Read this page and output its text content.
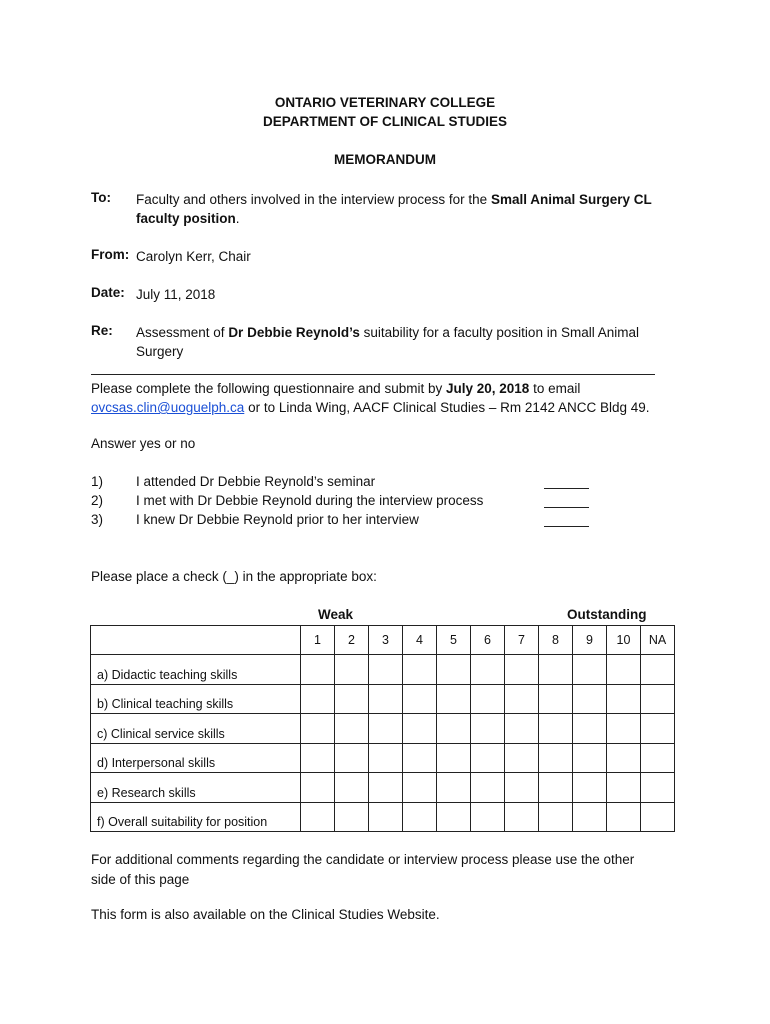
ONTARIO VETERINARY COLLEGE
DEPARTMENT OF CLINICAL STUDIES
MEMORANDUM
To: Faculty and others involved in the interview process for the Small Animal Surgery CL faculty position.
From: Carolyn Kerr, Chair
Date: July 11, 2018
Re: Assessment of Dr Debbie Reynold’s suitability for a faculty position in Small Animal Surgery
Please complete the following questionnaire and submit by July 20, 2018 to email
ovcsas.clin@uoguelph.ca or to Linda Wing, AACF Clinical Studies – Rm 2142 ANCC Bldg 49.
Answer yes or no
1) I attended Dr Debbie Reynold’s seminar
2) I met with Dr Debbie Reynold during the interview process
3) I knew Dr Debbie Reynold prior to her interview
Please place a check (_) in the appropriate box:
Weak	Outstanding
	1	2	3	4	5	6	7	8	9	10	NA
a) Didactic teaching skills											
b) Clinical teaching skills											
c) Clinical service skills											
d) Interpersonal skills											
e) Research skills											
f) Overall suitability for position											
For additional comments regarding the candidate or interview process please use the other side of this page
This form is also available on the Clinical Studies Website.
